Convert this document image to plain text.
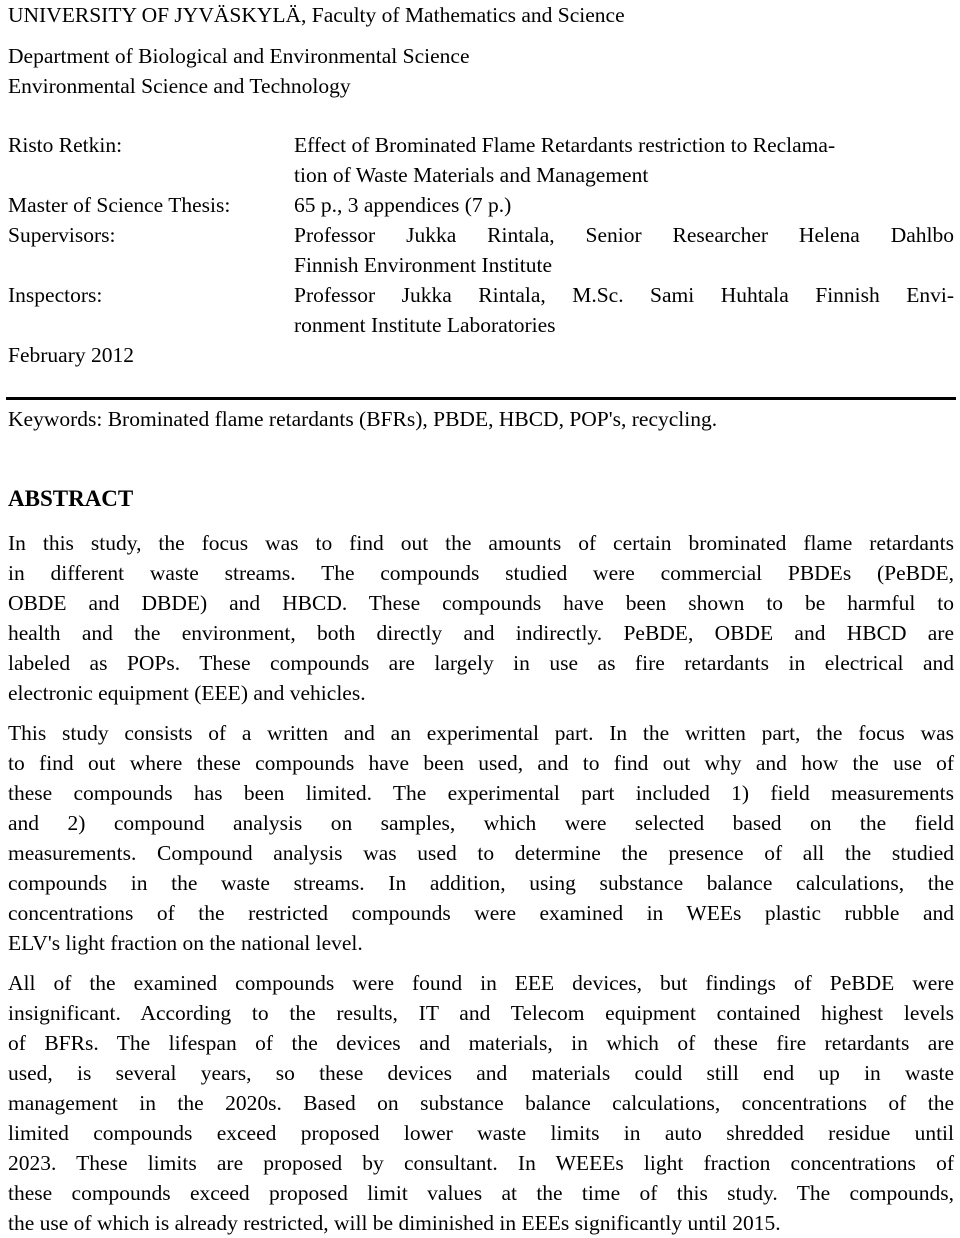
UNIVERSITY OF JYVÄSKYLÄ, Faculty of Mathematics and Science
Department of Biological and Environmental Science
Environmental Science and Technology
Risto Retkin:	Effect of Brominated Flame Retardants restriction to Reclama-
tion of Waste Materials and Management
Master of Science Thesis:	65 p., 3 appendices (7 p.)
Supervisors:	Professor Jukka Rintala, Senior Researcher Helena Dahlbo
Finnish Environment Institute
Inspectors:	Professor Jukka Rintala, M.Sc. Sami Huhtala Finnish Envi-
ronment Institute Laboratories
February 2012
Keywords: Brominated flame retardants (BFRs), PBDE, HBCD, POP's, recycling.
ABSTRACT
In this study, the focus was to find out the amounts of certain brominated flame retardants
in different waste streams. The compounds studied were commercial PBDEs (PeBDE,
OBDE and DBDE) and HBCD. These compounds have been shown to be harmful to
health and the environment, both directly and indirectly. PeBDE, OBDE and HBCD are
labeled as POPs. These compounds are largely in use as fire retardants in electrical and
electronic equipment (EEE) and vehicles.
This study consists of a written and an experimental part. In the written part, the focus was
to find out where these compounds have been used, and to find out why and how the use of
these compounds has been limited. The experimental part included 1) field measurements
and 2) compound analysis on samples, which were selected based on the field
measurements. Compound analysis was used to determine the presence of all the studied
compounds in the waste streams. In addition, using substance balance calculations, the
concentrations of the restricted compounds were examined in WEEs plastic rubble and
ELV's light fraction on the national level.
All of the examined compounds were found in EEE devices, but findings of PeBDE were
insignificant. According to the results, IT and Telecom equipment contained highest levels
of BFRs. The lifespan of the devices and materials, in which of these fire retardants are
used, is several years, so these devices and materials could still end up in waste
management in the 2020s. Based on substance balance calculations, concentrations of the
limited compounds exceed proposed lower waste limits in auto shredded residue until
2023. These limits are proposed by consultant. In WEEEs light fraction concentrations of
these compounds exceed proposed limit values at the time of this study. The compounds,
the use of which is already restricted, will be diminished in EEEs significantly until 2015.
